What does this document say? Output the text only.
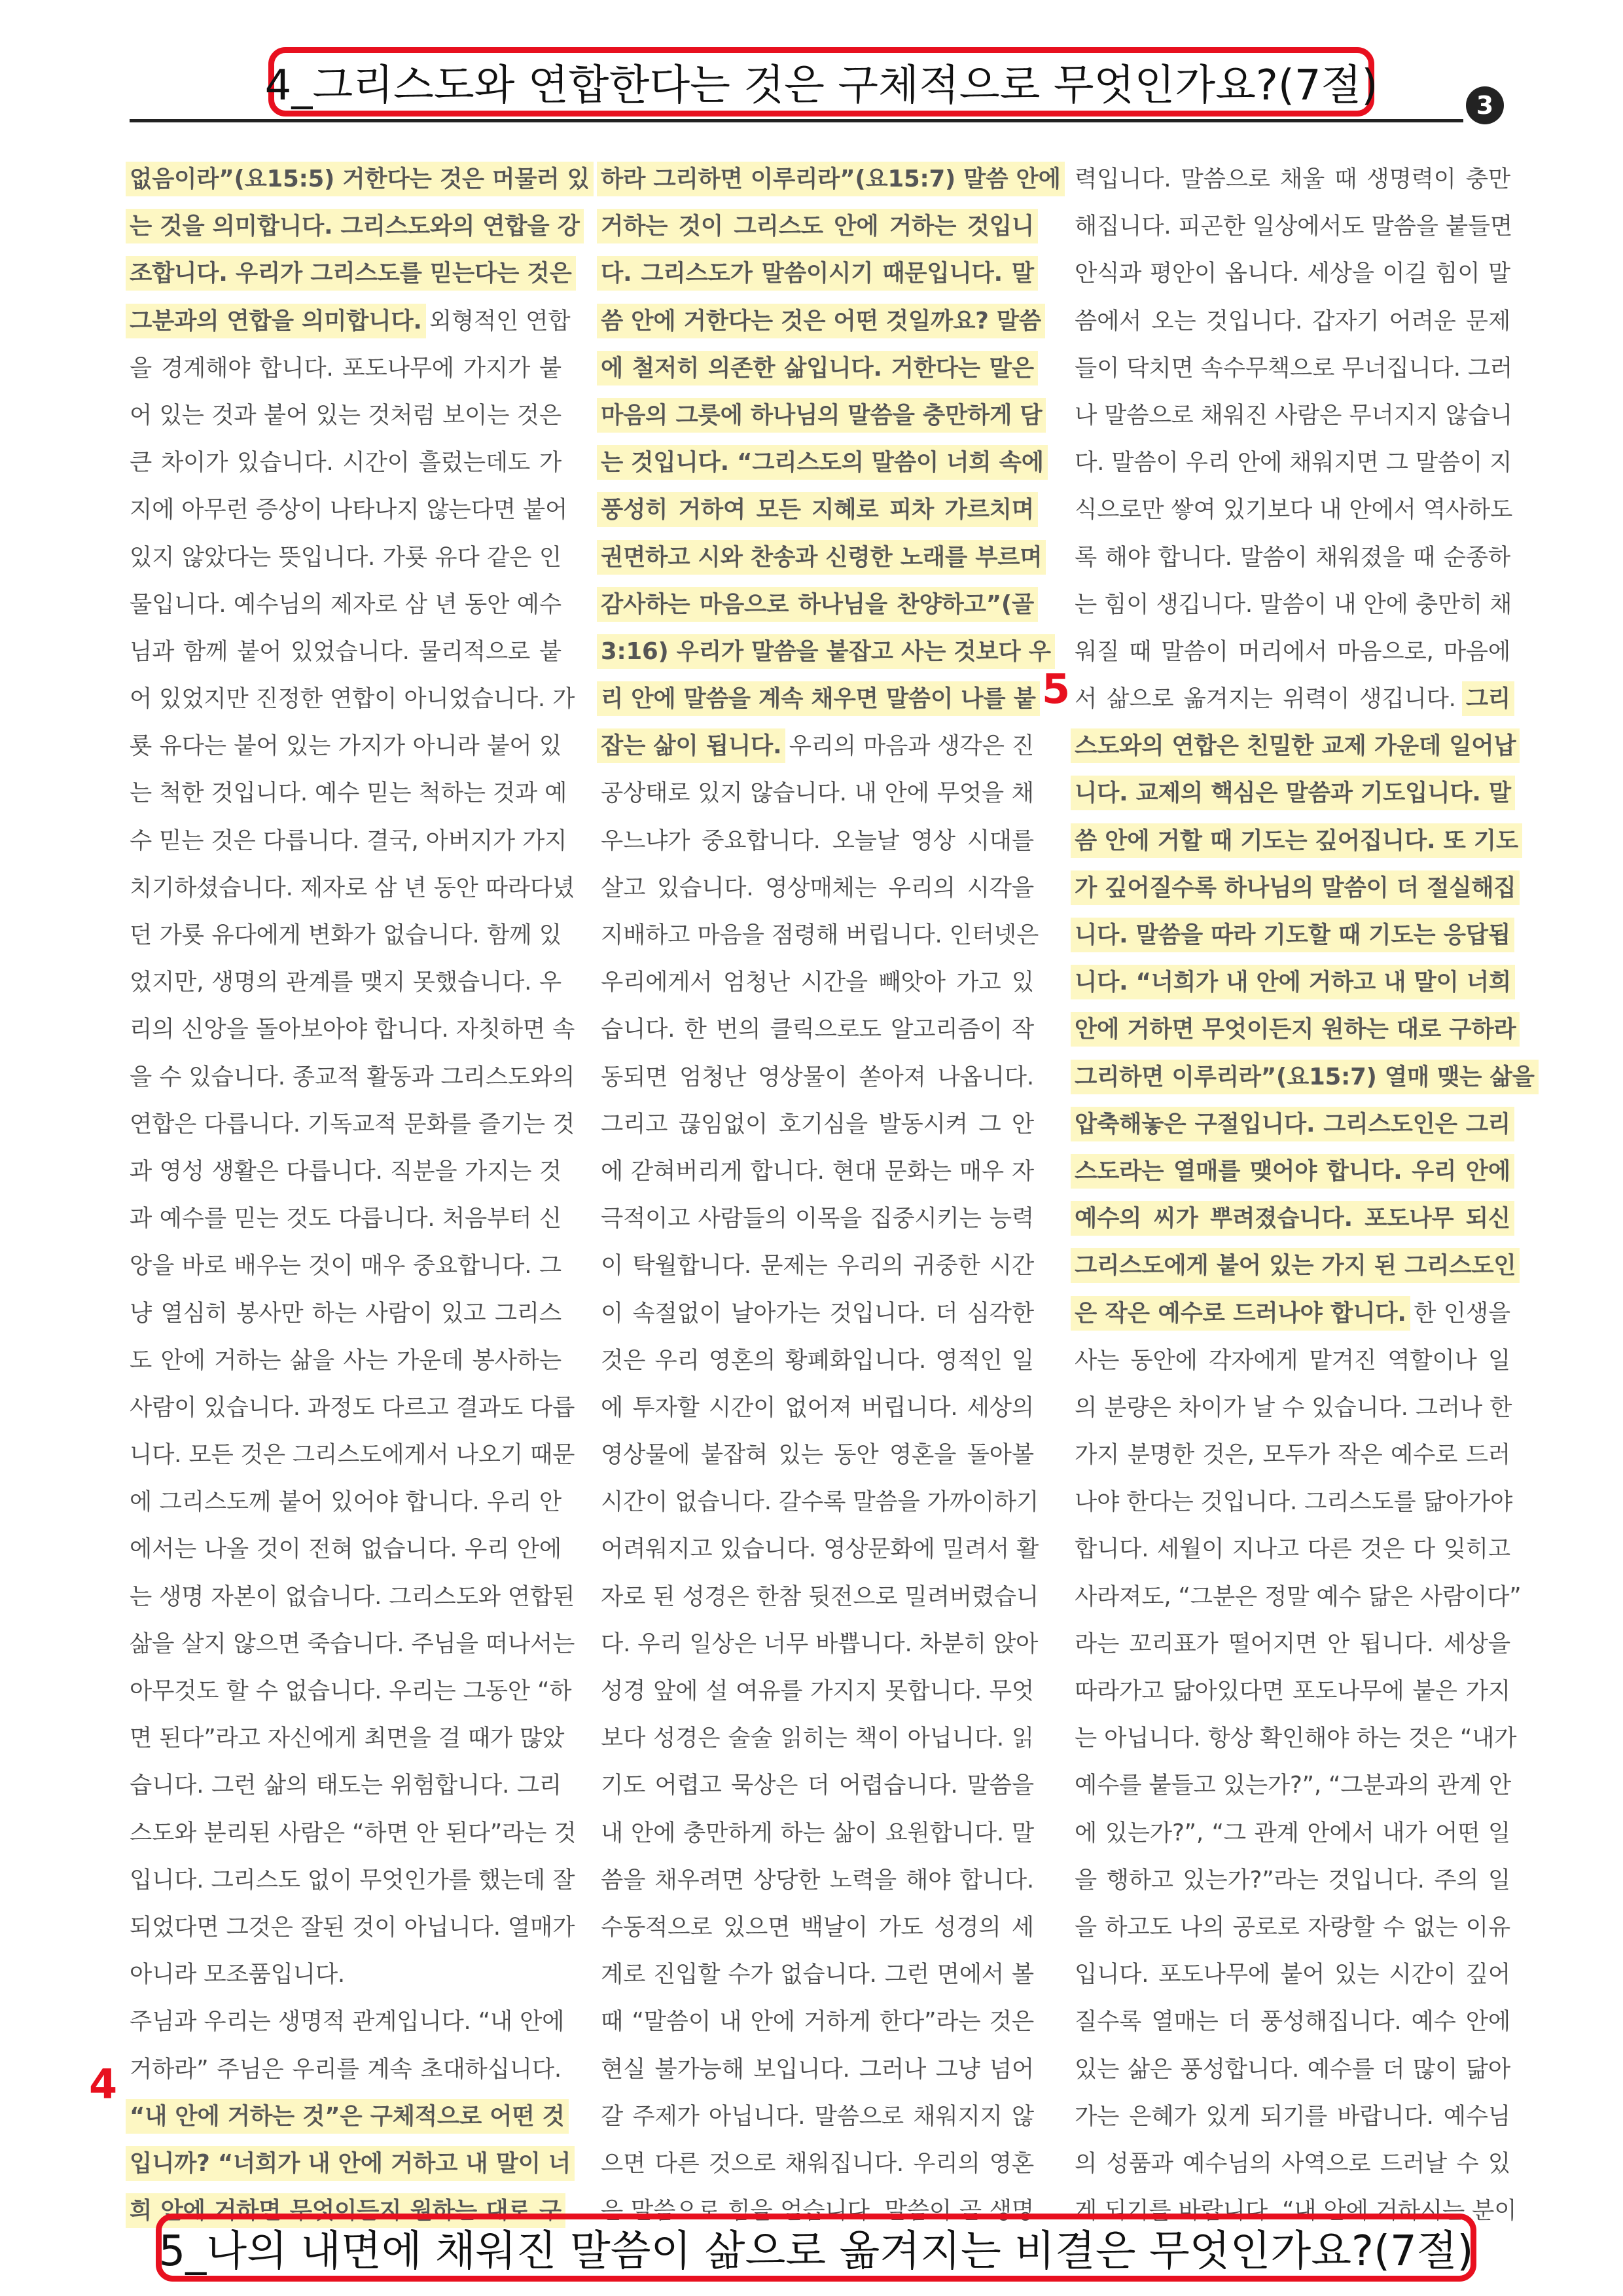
4_그리스도와 연합한다는 것은 구체적으로 무엇인가요?(7절)	3
없음이라”(요15:5) 거한다는 것은 머물러 있
는 것을 의미합니다. 그리스도와의 연합을 강
조합니다. 우리가 그리스도를 믿는다는 것은
그분과의 연합을 의미합니다. 외형적인 연합
을 경계해야 합니다. 포도나무에 가지가 붙
어 있는 것과 붙어 있는 것처럼 보이는 것은
큰 차이가 있습니다. 시간이 흘렀는데도 가
지에 아무런 증상이 나타나지 않는다면 붙어
있지 않았다는 뜻입니다. 가룟 유다 같은 인
물입니다. 예수님의 제자로 삼 년 동안 예수
님과 함께 붙어 있었습니다. 물리적으로 붙
어 있었지만 진정한 연합이 아니었습니다. 가
룟 유다는 붙어 있는 가지가 아니라 붙어 있
는 척한 것입니다. 예수 믿는 척하는 것과 예
수 믿는 것은 다릅니다. 결국, 아버지가 가지
치기하셨습니다. 제자로 삼 년 동안 따라다녔
던 가룟 유다에게 변화가 없습니다. 함께 있
었지만, 생명의 관계를 맺지 못했습니다. 우
리의 신앙을 돌아보아야 합니다. 자칫하면 속
을 수 있습니다. 종교적 활동과 그리스도와의
연합은 다릅니다. 기독교적 문화를 즐기는 것
과 영성 생활은 다릅니다. 직분을 가지는 것
과 예수를 믿는 것도 다릅니다. 처음부터 신
앙을 바로 배우는 것이 매우 중요합니다. 그
냥 열심히 봉사만 하는 사람이 있고 그리스
도 안에 거하는 삶을 사는 가운데 봉사하는
사람이 있습니다. 과정도 다르고 결과도 다릅
니다. 모든 것은 그리스도에게서 나오기 때문
에 그리스도께 붙어 있어야 합니다. 우리 안
에서는 나올 것이 전혀 없습니다. 우리 안에
는 생명 자본이 없습니다. 그리스도와 연합된
삶을 살지 않으면 죽습니다. 주님을 떠나서는
아무것도 할 수 없습니다. 우리는 그동안 “하
면 된다”라고 자신에게 최면을 걸 때가 많았
습니다. 그런 삶의 태도는 위험합니다. 그리
스도와 분리된 사람은 “하면 안 된다”라는 것
입니다. 그리스도 없이 무엇인가를 했는데 잘
되었다면 그것은 잘된 것이 아닙니다. 열매가
아니라 모조품입니다.
주님과 우리는 생명적 관계입니다. “내 안에
거하라” 주님은 우리를 계속 초대하십니다.
“내 안에 거하는 것”은 구체적으로 어떤 것
입니까? “너희가 내 안에 거하고 내 말이 너
희 안에 거하면 무엇이든지 원하는 대로 구
하라 그리하면 이루리라”(요15:7) 말씀 안에
거하는 것이 그리스도 안에 거하는 것입니
다. 그리스도가 말씀이시기 때문입니다. 말
씀 안에 거한다는 것은 어떤 것일까요? 말씀
에 철저히 의존한 삶입니다. 거한다는 말은
마음의 그릇에 하나님의 말씀을 충만하게 담
는 것입니다. “그리스도의 말씀이 너희 속에
풍성히 거하여 모든 지혜로 피차 가르치며
권면하고 시와 찬송과 신령한 노래를 부르며
감사하는 마음으로 하나님을 찬양하고”(골
3:16) 우리가 말씀을 붙잡고 사는 것보다 우
리 안에 말씀을 계속 채우면 말씀이 나를 붙
잡는 삶이 됩니다. 우리의 마음과 생각은 진
공상태로 있지 않습니다. 내 안에 무엇을 채
우느냐가 중요합니다. 오늘날 영상 시대를
살고 있습니다. 영상매체는 우리의 시각을
지배하고 마음을 점령해 버립니다. 인터넷은
우리에게서 엄청난 시간을 빼앗아 가고 있
습니다. 한 번의 클릭으로도 알고리즘이 작
동되면 엄청난 영상물이 쏟아져 나옵니다.
그리고 끊임없이 호기심을 발동시켜 그 안
에 갇혀버리게 합니다. 현대 문화는 매우 자
극적이고 사람들의 이목을 집중시키는 능력
이 탁월합니다. 문제는 우리의 귀중한 시간
이 속절없이 날아가는 것입니다. 더 심각한
것은 우리 영혼의 황폐화입니다. 영적인 일
에 투자할 시간이 없어져 버립니다. 세상의
영상물에 붙잡혀 있는 동안 영혼을 돌아볼
시간이 없습니다. 갈수록 말씀을 가까이하기
어려워지고 있습니다. 영상문화에 밀려서 활
자로 된 성경은 한참 뒷전으로 밀려버렸습니
다. 우리 일상은 너무 바쁩니다. 차분히 앉아
성경 앞에 설 여유를 가지지 못합니다. 무엇
보다 성경은 술술 읽히는 책이 아닙니다. 읽
기도 어렵고 묵상은 더 어렵습니다. 말씀을
내 안에 충만하게 하는 삶이 요원합니다. 말
씀을 채우려면 상당한 노력을 해야 합니다.
수동적으로 있으면 백날이 가도 성경의 세
계로 진입할 수가 없습니다. 그런 면에서 볼
때 “말씀이 내 안에 거하게 한다”라는 것은
현실 불가능해 보입니다. 그러나 그냥 넘어
갈 주제가 아닙니다. 말씀으로 채워지지 않
으면 다른 것으로 채워집니다. 우리의 영혼
은 말씀으로 힘을 얻습니다. 말씀이 곧 생명
력입니다. 말씀으로 채울 때 생명력이 충만
해집니다. 피곤한 일상에서도 말씀을 붙들면
안식과 평안이 옵니다. 세상을 이길 힘이 말
씀에서 오는 것입니다. 갑자기 어려운 문제
들이 닥치면 속수무책으로 무너집니다. 그러
나 말씀으로 채워진 사람은 무너지지 않습니
다. 말씀이 우리 안에 채워지면 그 말씀이 지
식으로만 쌓여 있기보다 내 안에서 역사하도
록 해야 합니다. 말씀이 채워졌을 때 순종하
는 힘이 생깁니다. 말씀이 내 안에 충만히 채
워질 때 말씀이 머리에서 마음으로, 마음에
서 삶으로 옮겨지는 위력이 생깁니다. 그리
스도와의 연합은 친밀한 교제 가운데 일어납
니다. 교제의 핵심은 말씀과 기도입니다. 말
씀 안에 거할 때 기도는 깊어집니다. 또 기도
가 깊어질수록 하나님의 말씀이 더 절실해집
니다. 말씀을 따라 기도할 때 기도는 응답됩
니다. “너희가 내 안에 거하고 내 말이 너희
안에 거하면 무엇이든지 원하는 대로 구하라
그리하면 이루리라”(요15:7) 열매 맺는 삶을
압축해놓은 구절입니다. 그리스도인은 그리
스도라는 열매를 맺어야 합니다. 우리 안에
예수의 씨가 뿌려졌습니다. 포도나무 되신
그리스도에게 붙어 있는 가지 된 그리스도인
은 작은 예수로 드러나야 합니다. 한 인생을
사는 동안에 각자에게 맡겨진 역할이나 일
의 분량은 차이가 날 수 있습니다. 그러나 한
가지 분명한 것은, 모두가 작은 예수로 드러
나야 한다는 것입니다. 그리스도를 닮아가야
합니다. 세월이 지나고 다른 것은 다 잊히고
사라져도, “그분은 정말 예수 닮은 사람이다”
라는 꼬리표가 떨어지면 안 됩니다. 세상을
따라가고 닮아있다면 포도나무에 붙은 가지
는 아닙니다. 항상 확인해야 하는 것은 “내가
예수를 붙들고 있는가?”, “그분과의 관계 안
에 있는가?”, “그 관계 안에서 내가 어떤 일
을 행하고 있는가?”라는 것입니다. 주의 일
을 하고도 나의 공로로 자랑할 수 없는 이유
입니다. 포도나무에 붙어 있는 시간이 깊어
질수록 열매는 더 풍성해집니다. 예수 안에
있는 삶은 풍성합니다. 예수를 더 많이 닮아
가는 은혜가 있게 되기를 바랍니다. 예수님
의 성품과 예수님의 사역으로 드러날 수 있
게 되기를 바랍니다. “내 안에 거하시는 분이
4
5
5_나의 내면에 채워진 말씀이 삶으로 옮겨지는 비결은 무엇인가요?(7절)
